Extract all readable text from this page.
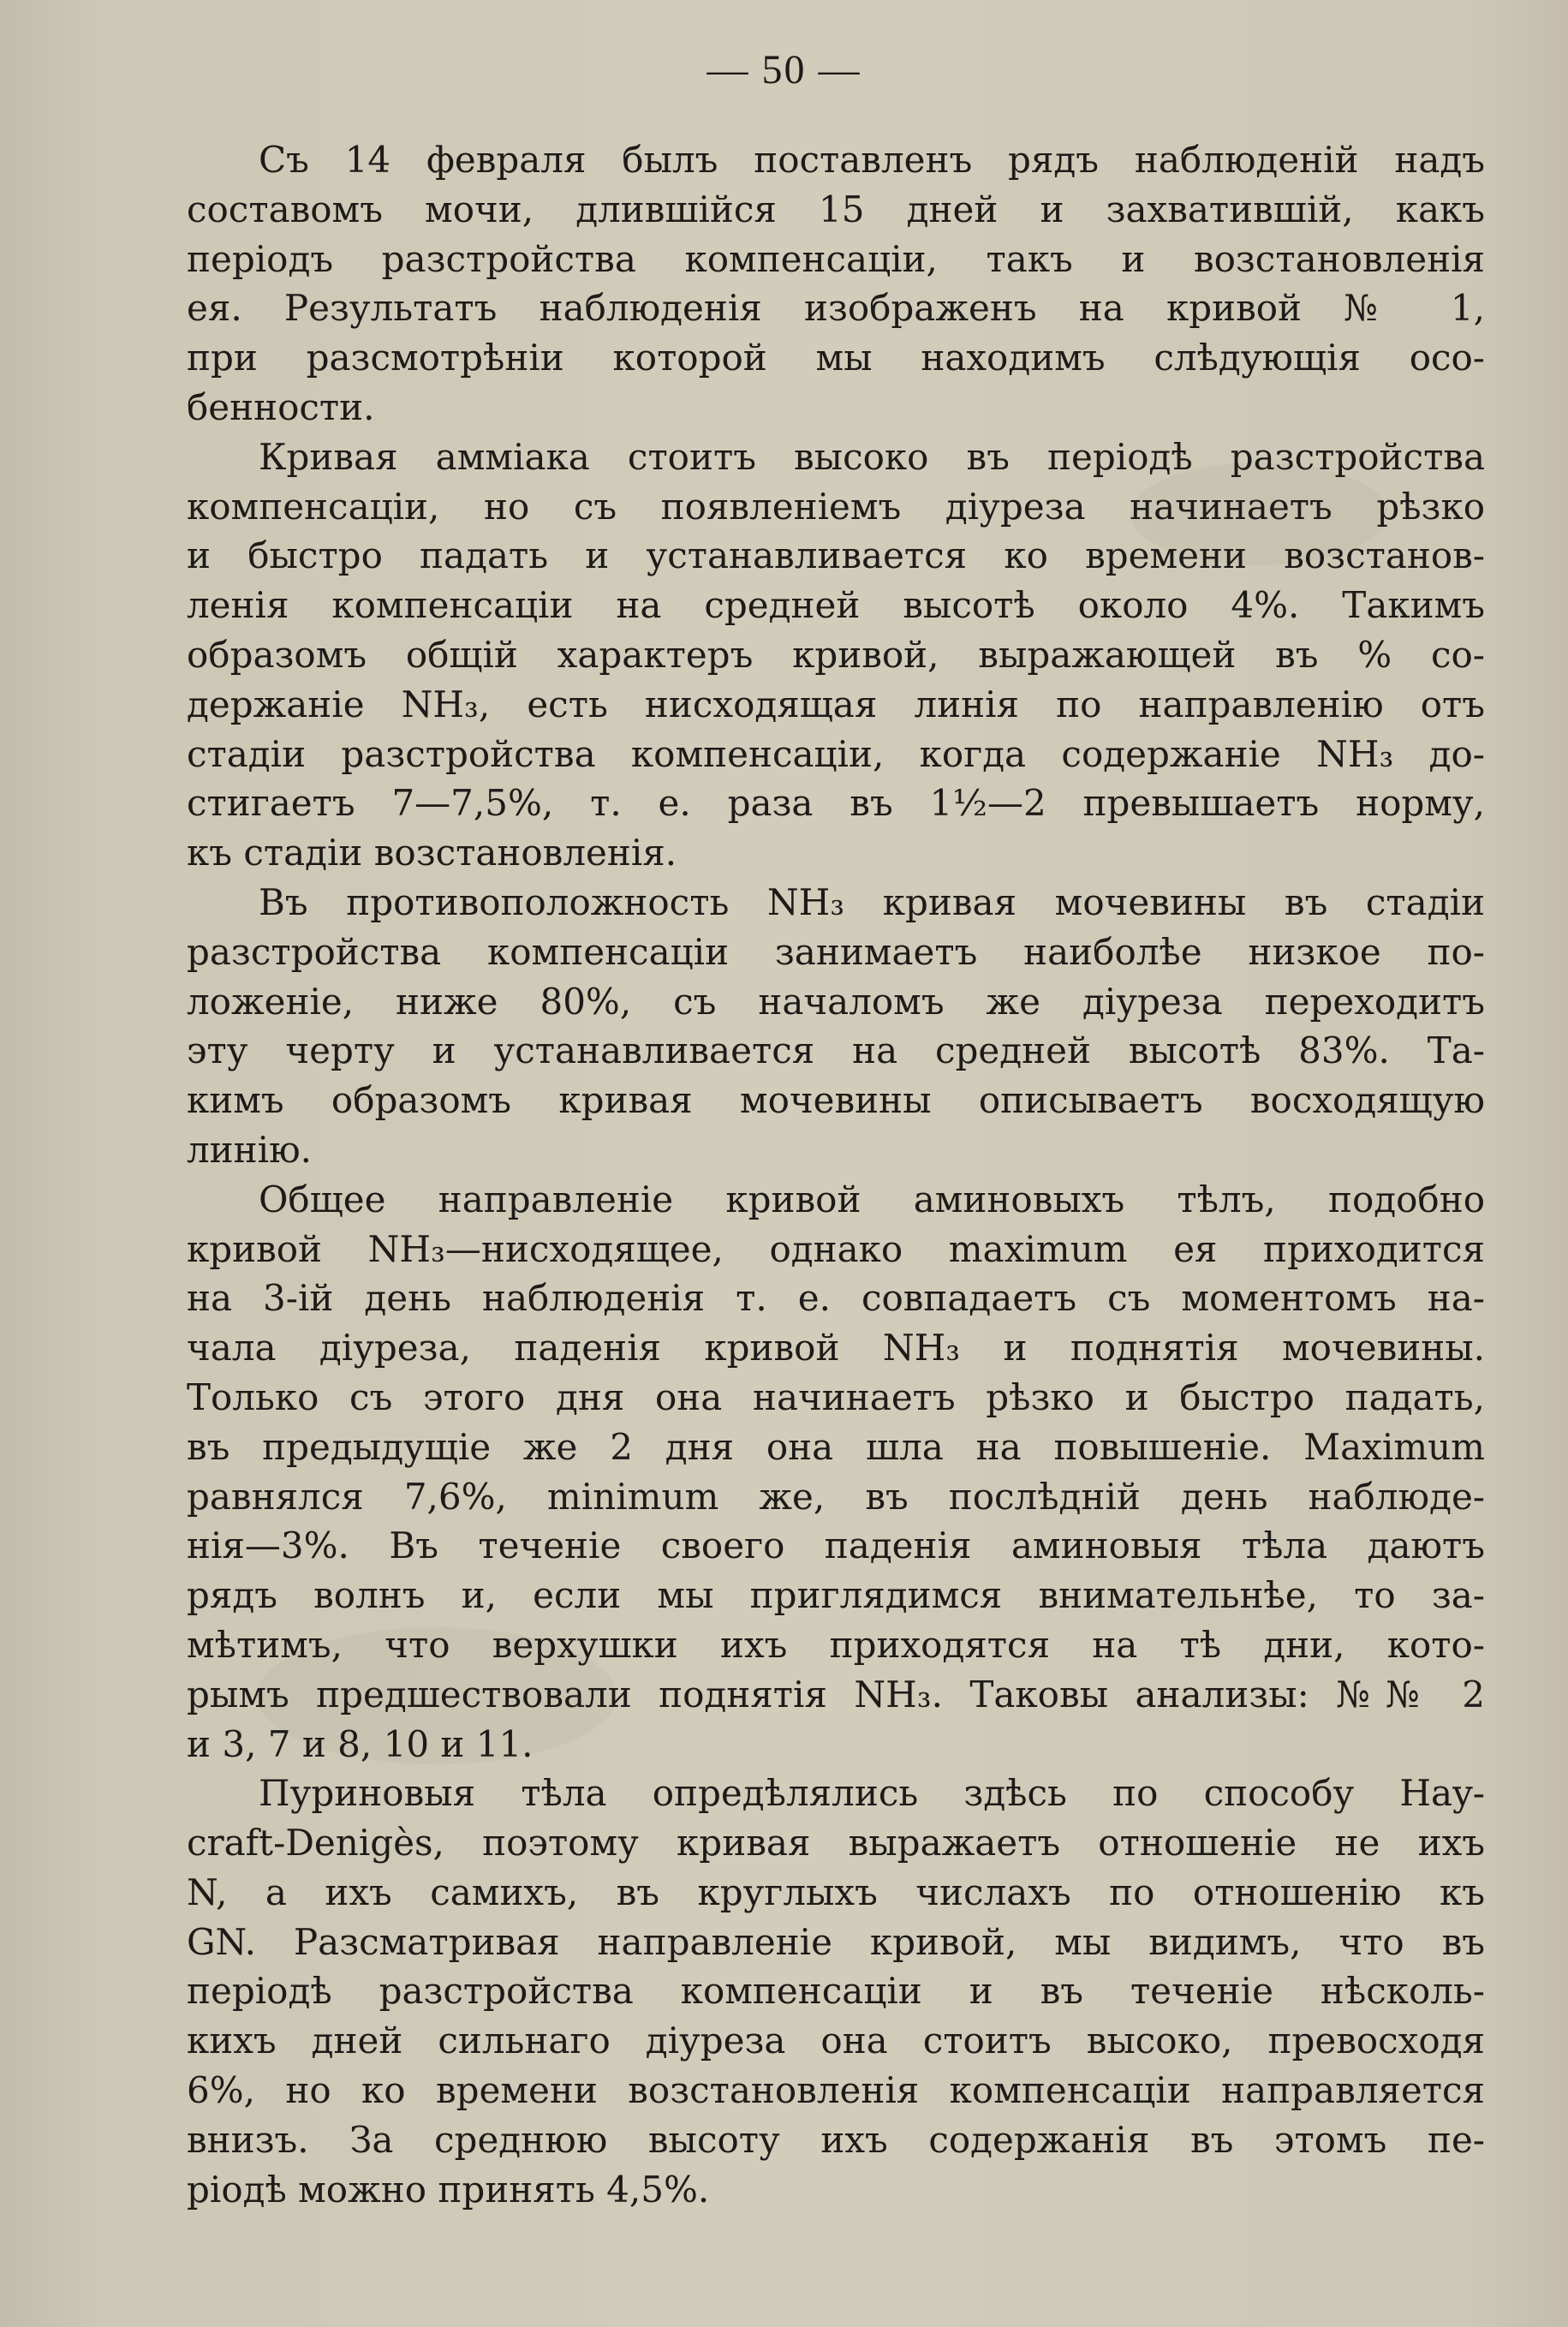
— 50 —
Съ 14 февраля былъ поставленъ рядъ наблюденій надъ
составомъ мочи, длившійся 15 дней и захватившій, какъ
періодъ разстройства компенсаціи, такъ и возстановленія
ея. Результатъ наблюденія изображенъ на кривой № 1,
при разсмотрѣніи которой мы находимъ слѣдующія осо-
бенности.
Кривая амміака стоитъ высоко въ періодѣ разстройства
компенсаціи, но съ появленіемъ діуреза начинаетъ рѣзко
и быстро падать и устанавливается ко времени возстанов-
ленія компенсаціи на средней высотѣ около 4%. Такимъ
образомъ общій характеръ кривой, выражающей въ % со-
держаніе NH₃, есть нисходящая линія по направленію отъ
стадіи разстройства компенсаціи, когда содержаніе NH₃ до-
стигаетъ 7—7,5%, т. е. раза въ 1½—2 превышаетъ норму,
къ стадіи возстановленія.
Въ противоположность NH₃ кривая мочевины въ стадіи
разстройства компенсаціи занимаетъ наиболѣе низкое по-
ложеніе, ниже 80%, съ началомъ же діуреза переходитъ
эту черту и устанавливается на средней высотѣ 83%. Та-
кимъ образомъ кривая мочевины описываетъ восходящую
линію.
Общее направленіе кривой аминовыхъ тѣлъ, подобно
кривой NH₃—нисходящее, однако maximum ея приходится
на 3-ій день наблюденія т. е. совпадаетъ съ моментомъ на-
чала діуреза, паденія кривой NH₃ и поднятія мочевины.
Только съ этого дня она начинаетъ рѣзко и быстро падать,
въ предыдущіе же 2 дня она шла на повышеніе. Maximum
равнялся 7,6%, minimum же, въ послѣдній день наблюде-
нія—3%. Въ теченіе своего паденія аминовыя тѣла даютъ
рядъ волнъ и, если мы приглядимся внимательнѣе, то за-
мѣтимъ, что верхушки ихъ приходятся на тѣ дни, кото-
рымъ предшествовали поднятія NH₃. Таковы анализы: №№ 2
и 3, 7 и 8, 10 и 11.
Пуриновыя тѣла опредѣлялись здѣсь по способу Hay-
craft-Denigès, поэтому кривая выражаетъ отношеніе не ихъ
N, а ихъ самихъ, въ круглыхъ числахъ по отношенію къ
GN. Разсматривая направленіе кривой, мы видимъ, что въ
періодѣ разстройства компенсаціи и въ теченіе нѣсколь-
кихъ дней сильнаго діуреза она стоитъ высоко, превосходя
6%, но ко времени возстановленія компенсаціи направляется
внизъ. За среднюю высоту ихъ содержанія въ этомъ пе-
ріодѣ можно принять 4,5%.
